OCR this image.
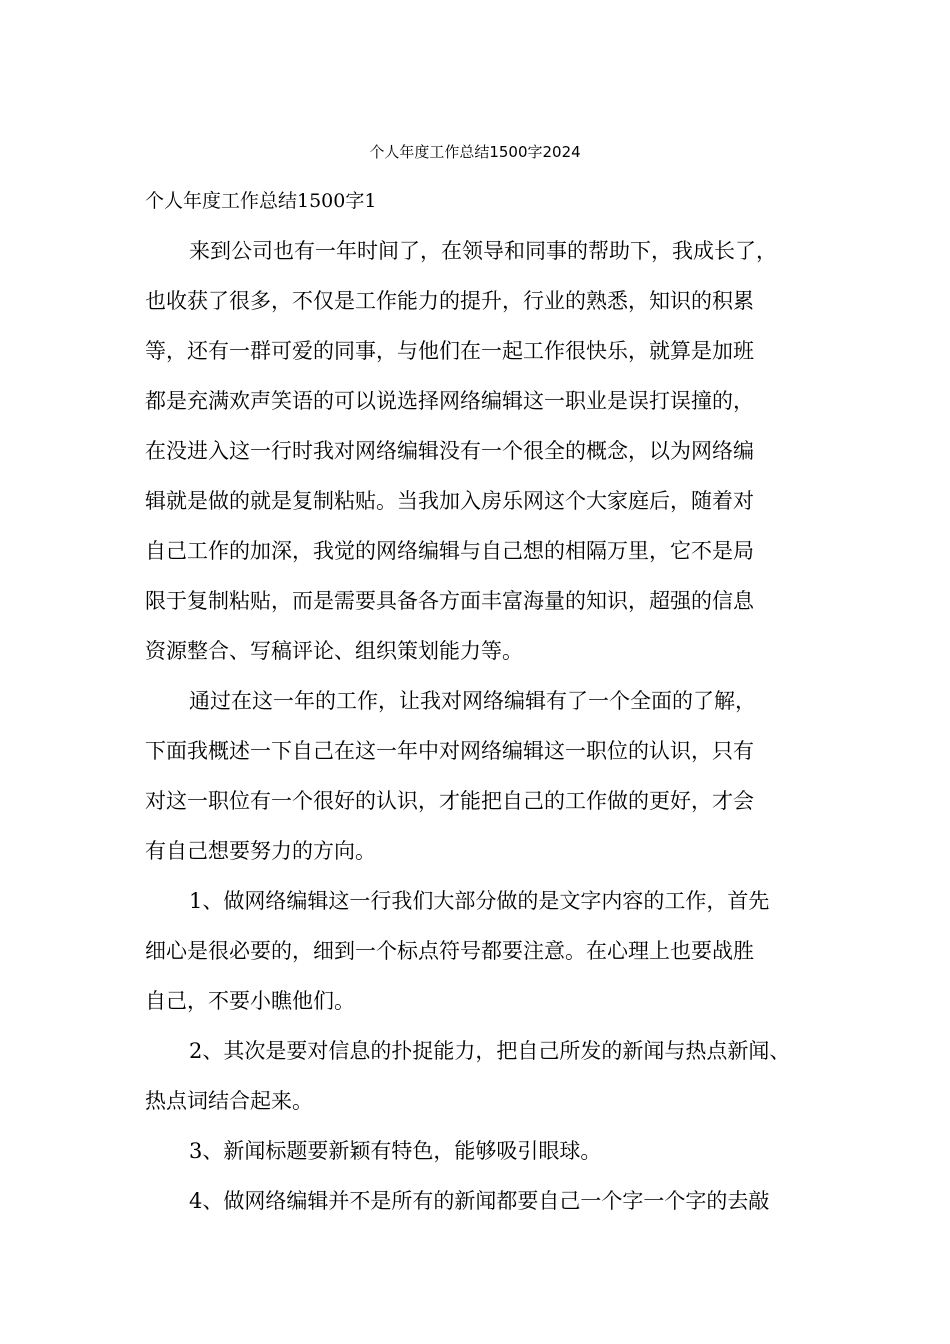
个人年度工作总结1500字2024
个人年度工作总结1500字1
来到公司也有一年时间了，在领导和同事的帮助下，我成长了，
也收获了很多，不仅是工作能力的提升，行业的熟悉，知识的积累
等，还有一群可爱的同事，与他们在一起工作很快乐，就算是加班
都是充满欢声笑语的可以说选择网络编辑这一职业是误打误撞的，
在没进入这一行时我对网络编辑没有一个很全的概念，以为网络编
辑就是做的就是复制粘贴。当我加入房乐网这个大家庭后，随着对
自己工作的加深，我觉的网络编辑与自己想的相隔万里，它不是局
限于复制粘贴，而是需要具备各方面丰富海量的知识，超强的信息
资源整合、写稿评论、组织策划能力等。
通过在这一年的工作，让我对网络编辑有了一个全面的了解，
下面我概述一下自己在这一年中对网络编辑这一职位的认识，只有
对这一职位有一个很好的认识，才能把自己的工作做的更好，才会
有自己想要努力的方向。
1、做网络编辑这一行我们大部分做的是文字内容的工作，首先
细心是很必要的，细到一个标点符号都要注意。在心理上也要战胜
自己，不要小瞧他们。
2、其次是要对信息的扑捉能力，把自己所发的新闻与热点新闻、
热点词结合起来。
3、新闻标题要新颖有特色，能够吸引眼球。
4、做网络编辑并不是所有的新闻都要自己一个字一个字的去敲
